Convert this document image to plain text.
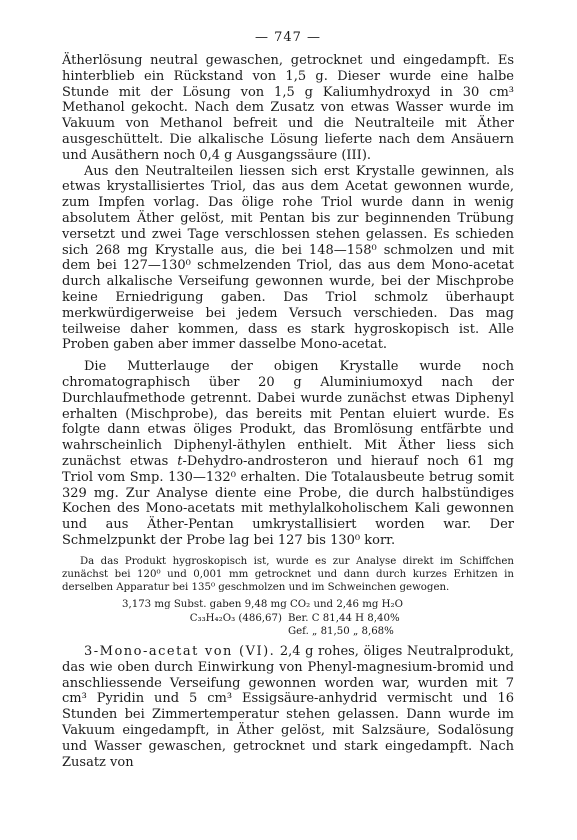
— 747 —

Ätherlösung neutral gewaschen, getrocknet und eingedampft. Es hinterblieb ein Rückstand von 1,5 g. Dieser wurde eine halbe Stunde mit der Lösung von 1,5 g Kaliumhydroxyd in 30 cm³ Methanol gekocht. Nach dem Zusatz von etwas Wasser wurde im Vakuum von Methanol befreit und die Neutralteile mit Äther ausgeschüttelt. Die alkalische Lösung lieferte nach dem Ansäuern und Ausäthern noch 0,4 g Ausgangssäure (III).

Aus den Neutralteilen liessen sich erst Krystalle gewinnen, als etwas krystallisiertes Triol, das aus dem Acetat gewonnen wurde, zum Impfen vorlag. Das ölige rohe Triol wurde dann in wenig absolutem Äther gelöst, mit Pentan bis zur beginnenden Trübung versetzt und zwei Tage verschlossen stehen gelassen. Es schieden sich 268 mg Krystalle aus, die bei 148—158⁰ schmolzen und mit dem bei 127—130⁰ schmelzenden Triol, das aus dem Mono-acetat durch alkalische Verseifung gewonnen wurde, bei der Mischprobe keine Erniedrigung gaben. Das Triol schmolz überhaupt merkwürdigerweise bei jedem Versuch verschieden. Das mag teilweise daher kommen, dass es stark hygroskopisch ist. Alle Proben gaben aber immer dasselbe Mono-acetat.

Die Mutterlauge der obigen Krystalle wurde noch chromatographisch über 20 g Aluminiumoxyd nach der Durchlaufmethode getrennt. Dabei wurde zunächst etwas Diphenyl erhalten (Mischprobe), das bereits mit Pentan eluiert wurde. Es folgte dann etwas öliges Produkt, das Bromlösung entfärbte und wahrscheinlich Diphenyl-äthylen enthielt. Mit Äther liess sich zunächst etwas t-Dehydro-androsteron und hierauf noch 61 mg Triol vom Smp. 130—132⁰ erhalten. Die Totalausbeute betrug somit 329 mg. Zur Analyse diente eine Probe, die durch halbstündiges Kochen des Mono-acetats mit methylalkoholischem Kali gewonnen und aus Äther-Pentan umkrystallisiert worden war. Der Schmelzpunkt der Probe lag bei 127 bis 130⁰ korr.

Da das Produkt hygroskopisch ist, wurde es zur Analyse direkt im Schiffchen zunächst bei 120⁰ und 0,001 mm getrocknet und dann durch kurzes Erhitzen in derselben Apparatur bei 135⁰ geschmolzen und im Schweinchen gewogen.

3,173 mg Subst. gaben 9,48 mg CO₂ und 2,46 mg H₂O
C₃₃H₄₂O₃ (486,67) Ber. C 81,44 H 8,40%
Gef. „ 81,50 „ 8,68%

3-Mono-acetat von (VI). 2,4 g rohes, öliges Neutralprodukt, das wie oben durch Einwirkung von Phenyl-magnesium-bromid und anschliessende Verseifung gewonnen worden war, wurden mit 7 cm³ Pyridin und 5 cm³ Essigsäure-anhydrid vermischt und 16 Stunden bei Zimmertemperatur stehen gelassen. Dann wurde im Vakuum eingedampft, in Äther gelöst, mit Salzsäure, Sodalösung und Wasser gewaschen, getrocknet und stark eingedampft. Nach Zusatz von
